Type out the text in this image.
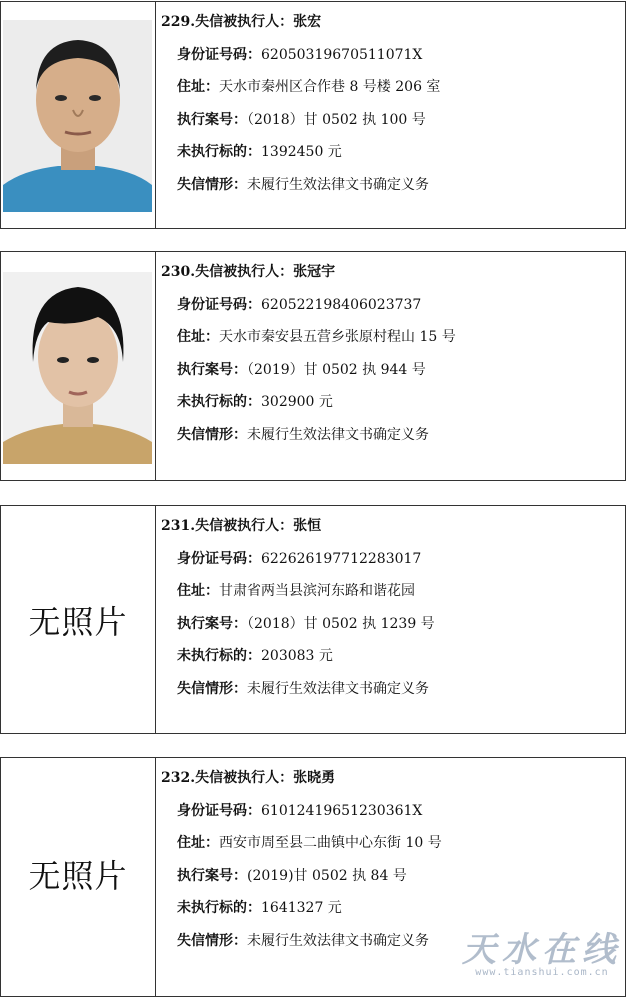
229.失信被执行人：张宏
身份证号码：62050319670511071X
住址：天水市秦州区合作巷 8 号楼 206 室
执行案号：（2018）甘 0502 执 100 号
未执行标的：1392450 元
失信情形：未履行生效法律文书确定义务
230.失信被执行人：张冠宇
身份证号码：620522198406023737
住址：天水市秦安县五营乡张原村程山 15 号
执行案号：（2019）甘 0502 执 944 号
未执行标的：302900 元
失信情形：未履行生效法律文书确定义务
无照片
231.失信被执行人：张恒
身份证号码：622626197712283017
住址：甘肃省两当县滨河东路和谐花园
执行案号：（2018）甘 0502 执 1239 号
未执行标的：203083 元
失信情形：未履行生效法律文书确定义务
无照片
232.失信被执行人：张晓勇
身份证号码：61012419651230361X
住址：西安市周至县二曲镇中心东街 10 号
执行案号：(2019)甘 0502 执 84 号
未执行标的：1641327 元
失信情形：未履行生效法律文书确定义务 天水在线
www.tianshui.com.cn
